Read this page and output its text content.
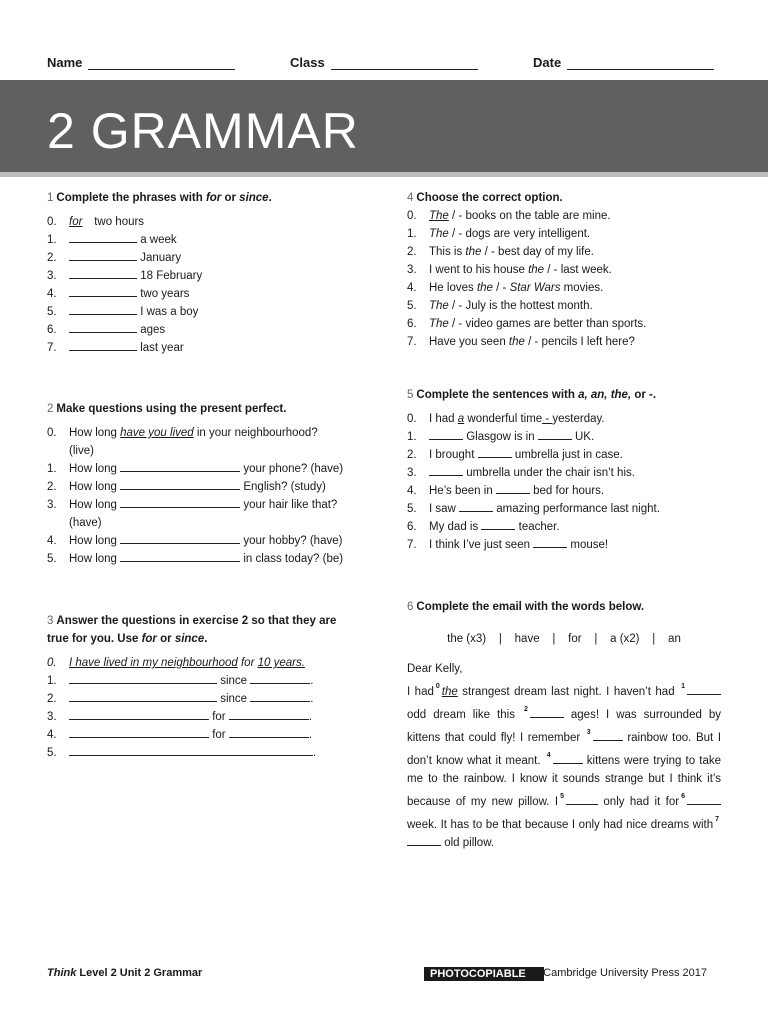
Name	Class	Date
2 GRAMMAR
1 Complete the phrases with for or since.
0.	for two hours
1.	a week
2.	January
3.	18 February
4.	two years
5.	I was a boy
6.	ages
7.	last year
2 Make questions using the present perfect.
0.	How long have you lived in your neighbourhood?
(live)
1.	How long	your phone? (have)
2.	How long	English? (study)
3.	How long	your hair like that?
(have)
4.	How long	your hobby? (have)
5.	How long	in class today? (be)
3 Answer the questions in exercise 2 so that they are true for you. Use for or since.
0.	I have lived in my neighbourhood for 10 years.
1.	since	.
2.	since	.
3.	for	.
4.	for	.
5.	.
4 Choose the correct option.
0.	The / - books on the table are mine.
1.	The / - dogs are very intelligent.
2.	This is the / - best day of my life.
3.	I went to his house the / - last week.
4.	He loves the / - Star Wars movies.
5.	The / - July is the hottest month.
6.	The / - video games are better than sports.
7.	Have you seen the / - pencils I left here?
5 Complete the sentences with a, an, the, or -.
0.	I had a wonderful time - yesterday.
1.	Glasgow is in	UK.
2.	I brought	umbrella just in case.
3.	umbrella under the chair isn’t his.
4.	He’s been in	bed for hours.
5.	I saw	amazing performance last night.
6.	My dad is	teacher.
7.	I think I’ve just seen	mouse!
6 Complete the email with the words below.
the (x3)    |    have    |    for    |    a (x2)    |    an
Dear Kelly,
I had $^0$ the strangest dream last night. I haven’t had $^1$ odd dream like this $^2$	ages! I was surrounded by kittens that could fly! I remember $^3$	rainbow too. But I don’t know what it meant. $^4$	kittens were trying to take me to the rainbow. I know it sounds strange but I think it’s because of my new pillow. I $^5$	only had it for $^6$ week. It has to be that because I only had nice dreams with $^7$ old pillow.
Think Level 2 Unit 2 Grammar	PHOTOCOPIABLE © Cambridge University Press 2017
